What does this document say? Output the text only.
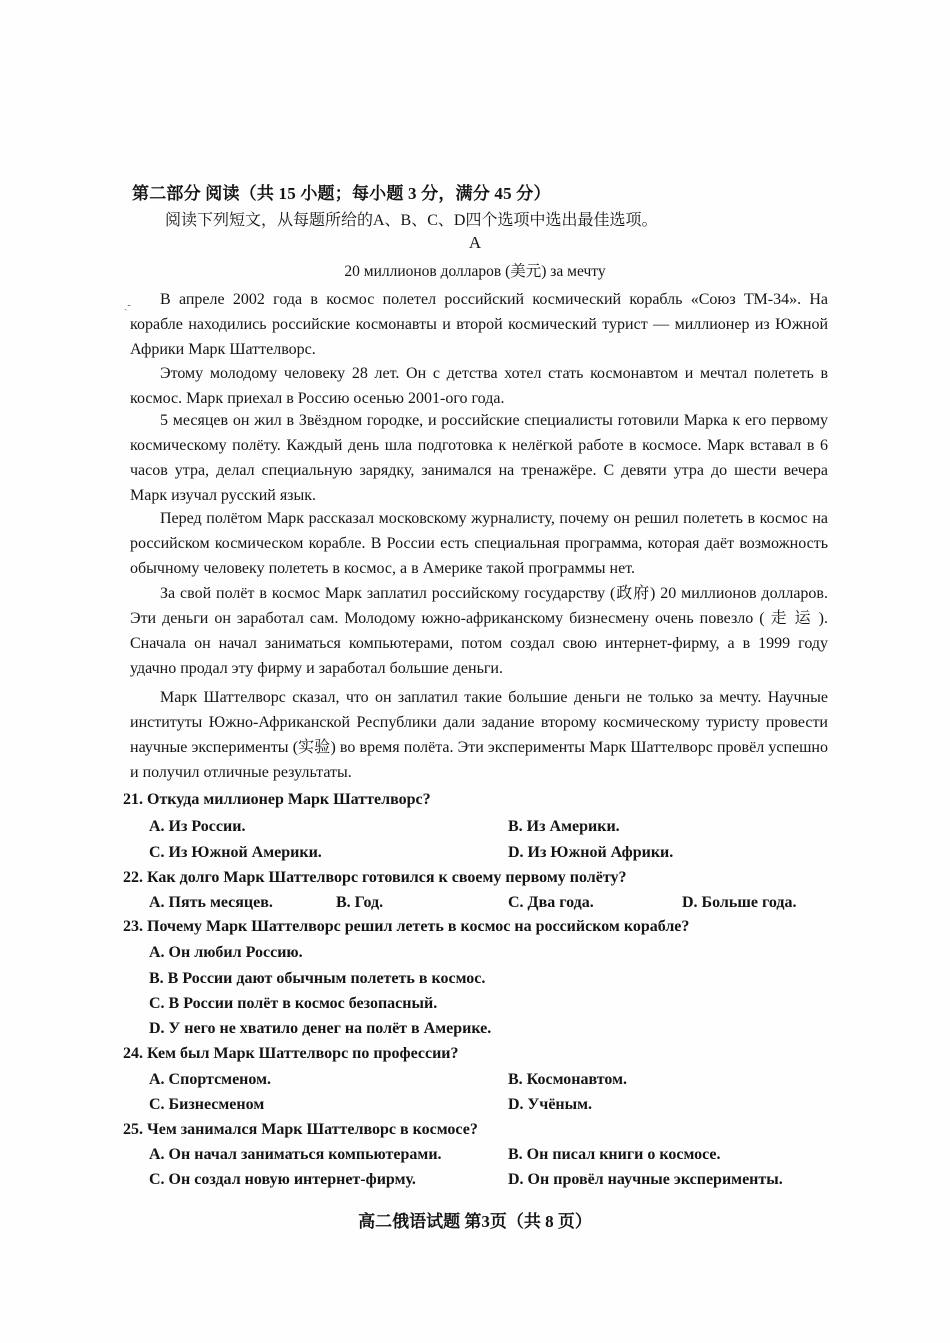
第二部分 阅读（共 15 小题；每小题 3 分，满分 45 分）
阅读下列短文，从每题所给的A、B、C、D四个选项中选出最佳选项。
A
20 миллионов долларов (美元) за мечту
ˎ-	В апреле 2002 года в космос полетел российский космический корабль «Союз ТМ-34». На корабле находились российские космонавты и второй космический турист — миллионер из Южной Африки Марк Шаттелворс.
Этому молодому человеку 28 лет. Он с детства хотел стать космонавтом и мечтал полететь в космос. Марк приехал в Россию осенью 2001-ого года.
5 месяцев он жил в Звёздном городке, и российские специалисты готовили Марка к его первому космическому полёту. Каждый день шла подготовка к нелёгкой работе в космосе. Марк вставал в 6 часов утра, делал специальную зарядку, занимался на тренажёре. С девяти утра до шести вечера Марк изучал русский язык.
Перед полётом Марк рассказал московскому журналисту, почему он решил полететь в космос на российском космическом корабле. В России есть специальная программа, которая даёт возможность обычному человеку полететь в космос, а в Америке такой программы нет.
За свой полёт в космос Марк заплатил российскому государству (政府) 20 миллионов долларов. Эти деньги он заработал сам. Молодому южно-африканскому бизнесмену очень повезло ( 走 运 ). Сначала он начал заниматься компьютерами, потом создал свою интернет-фирму, а в 1999 году удачно продал эту фирму и заработал большие деньги.
Марк Шаттелворс сказал, что он заплатил такие большие деньги не только за мечту. Научные институты Южно-Африканской Республики дали задание второму космическому туристу провести научные эксперименты (实验) во время полёта. Эти эксперименты Марк Шаттелворс провёл успешно и получил отличные результаты.
21. Откуда миллионер Марк Шаттелворс?
A. Из России.	B. Из Америки.
C. Из Южной Америки.	D. Из Южной Африки.
22. Как долго Марк Шаттелворс готовился к своему первому полёту?
A. Пять месяцев.	B. Год.	C. Два года.	D. Больше года.
23. Почему Марк Шаттелворс решил лететь в космос на российском корабле?
A. Он любил Россию.
B. В России дают обычным полететь в космос.
C. В России полёт в космос безопасный.
D. У него не хватило денег на полёт в Америке.
24. Кем был Марк Шаттелворс по профессии?
A. Спортсменом.	B. Космонавтом.
C. Бизнесменом	D. Учёным.
25. Чем занимался Марк Шаттелворс в космосе?
A. Он начал заниматься компьютерами.	B. Он писал книги о космосе.
C. Он создал новую интернет-фирму.	D. Он провёл научные эксперименты.
高二俄语试题 第3页（共 8 页）
